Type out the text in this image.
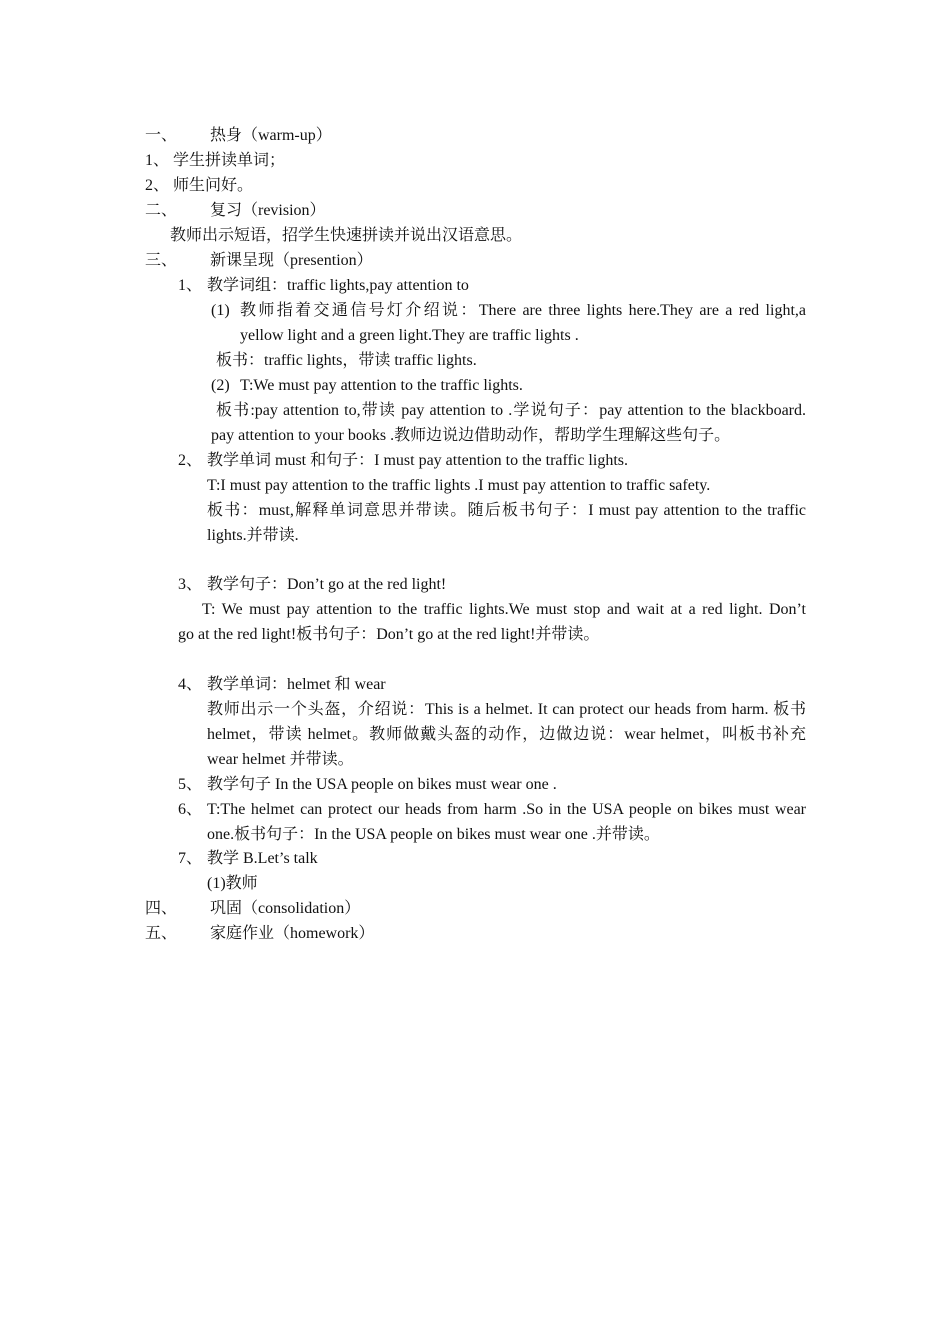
一、 热身（warm-up）
1、 学生拼读单词；
2、 师生问好。
二、 复习（revision）
教师出示短语，招学生快速拼读并说出汉语意思。
三、 新课呈现（presention）
1、 教学词组：traffic lights,pay attention to
(1) 教师指着交通信号灯介绍说：There are three lights here.They are a red light,a
yellow light and a green light.They are traffic lights .
板书：traffic lights，带读 traffic lights.
(2) T:We must pay attention to the traffic lights.
板书:pay attention to,带读 pay attention to .学说句子：pay attention to the blackboard.
pay attention to your books .教师边说边借助动作，帮助学生理解这些句子。
2、 教学单词 must 和句子：I must pay attention to the traffic lights.
T:I must pay attention to the traffic lights .I must pay attention to traffic safety.
板书：must,解释单词意思并带读。随后板书句子：I must pay attention to the traffic
lights.并带读.
3、 教学句子：Don’t go at the red light!
T: We must pay attention to the traffic lights.We must stop and wait at a red light. Don’t
go at the red light!板书句子：Don’t go at the red light!并带读。
4、 教学单词：helmet 和 wear
教师出示一个头盔，介绍说：This is a helmet. It can protect our heads from harm. 板书
helmet，带读 helmet。教师做戴头盔的动作，边做边说：wear helmet，叫板书补充
wear helmet 并带读。
5、 教学句子 In the USA people on bikes must wear one .
6、 T:The helmet can protect our heads from harm .So in the USA people on bikes must wear
one.板书句子：In the USA people on bikes must wear one .并带读。
7、 教学 B.Let’s talk
(1)教师
四、 巩固（consolidation）
五、 家庭作业（homework）
